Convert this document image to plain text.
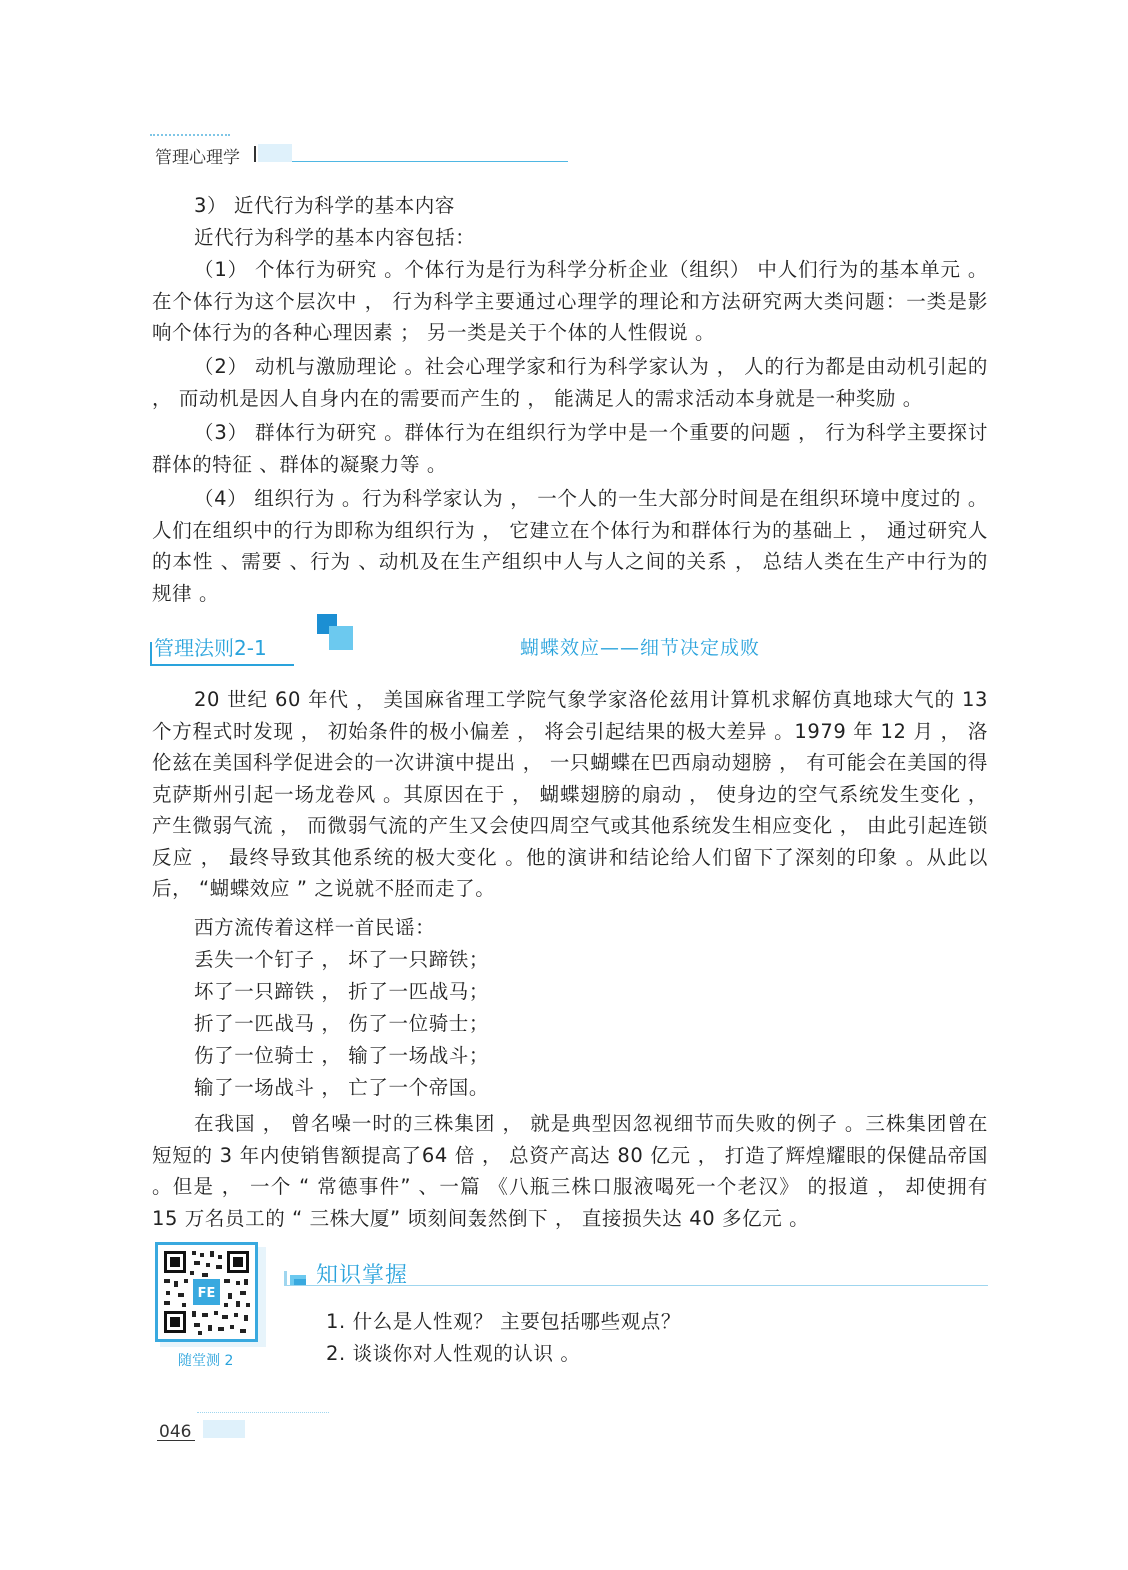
管理心理学
3） 近代行为科学的基本内容
近代行为科学的基本内容包括：
（1） 个体行为研究 。个体行为是行为科学分析企业（组织） 中人们行为的基本单元 。在个体行为这个层次中 ， 行为科学主要通过心理学的理论和方法研究两大类问题：一类是影响个体行为的各种心理因素 ； 另一类是关于个体的人性假说 。
（2） 动机与激励理论 。社会心理学家和行为科学家认为 ， 人的行为都是由动机引起的 ， 而动机是因人自身内在的需要而产生的 ， 能满足人的需求活动本身就是一种奖励 。
（3） 群体行为研究 。群体行为在组织行为学中是一个重要的问题 ， 行为科学主要探讨群体的特征 、群体的凝聚力等 。
（4） 组织行为 。行为科学家认为 ， 一个人的一生大部分时间是在组织环境中度过的 。人们在组织中的行为即称为组织行为 ， 它建立在个体行为和群体行为的基础上 ， 通过研究人的本性 、需要 、行为 、动机及在生产组织中人与人之间的关系 ， 总结人类在生产中行为的规律 。
管理法则2-1	蝴蝶效应——细节决定成败
20 世纪 60 年代 ， 美国麻省理工学院气象学家洛伦兹用计算机求解仿真地球大气的 13 个方程式时发现 ， 初始条件的极小偏差 ， 将会引起结果的极大差异 。1979 年 12 月 ， 洛伦兹在美国科学促进会的一次讲演中提出 ， 一只蝴蝶在巴西扇动翅膀 ， 有可能会在美国的得克萨斯州引起一场龙卷风 。其原因在于 ， 蝴蝶翅膀的扇动 ， 使身边的空气系统发生变化 ， 产生微弱气流 ， 而微弱气流的产生又会使四周空气或其他系统发生相应变化 ， 由此引起连锁反应 ， 最终导致其他系统的极大变化 。他的演讲和结论给人们留下了深刻的印象 。从此以后， “蝴蝶效应 ” 之说就不胫而走了。
西方流传着这样一首民谣：
丢失一个钉子 ， 坏了一只蹄铁；
坏了一只蹄铁 ， 折了一匹战马；
折了一匹战马 ， 伤了一位骑士；
伤了一位骑士 ， 输了一场战斗；
输了一场战斗 ， 亡了一个帝国。
在我国 ， 曾名噪一时的三株集团 ， 就是典型因忽视细节而失败的例子 。三株集团曾在短短的 3 年内使销售额提高了64 倍 ， 总资产高达 80 亿元 ， 打造了辉煌耀眼的保健品帝国 。但是 ， 一个 “ 常德事件” 、一篇 《八瓶三株口服液喝死一个老汉》 的报道 ， 却使拥有 15 万名员工的 “ 三株大厦” 顷刻间轰然倒下 ， 直接损失达 40 多亿元 。
FE
随堂测 2
知识掌握
1. 什么是人性观？ 主要包括哪些观点？
2. 谈谈你对人性观的认识 。
046
